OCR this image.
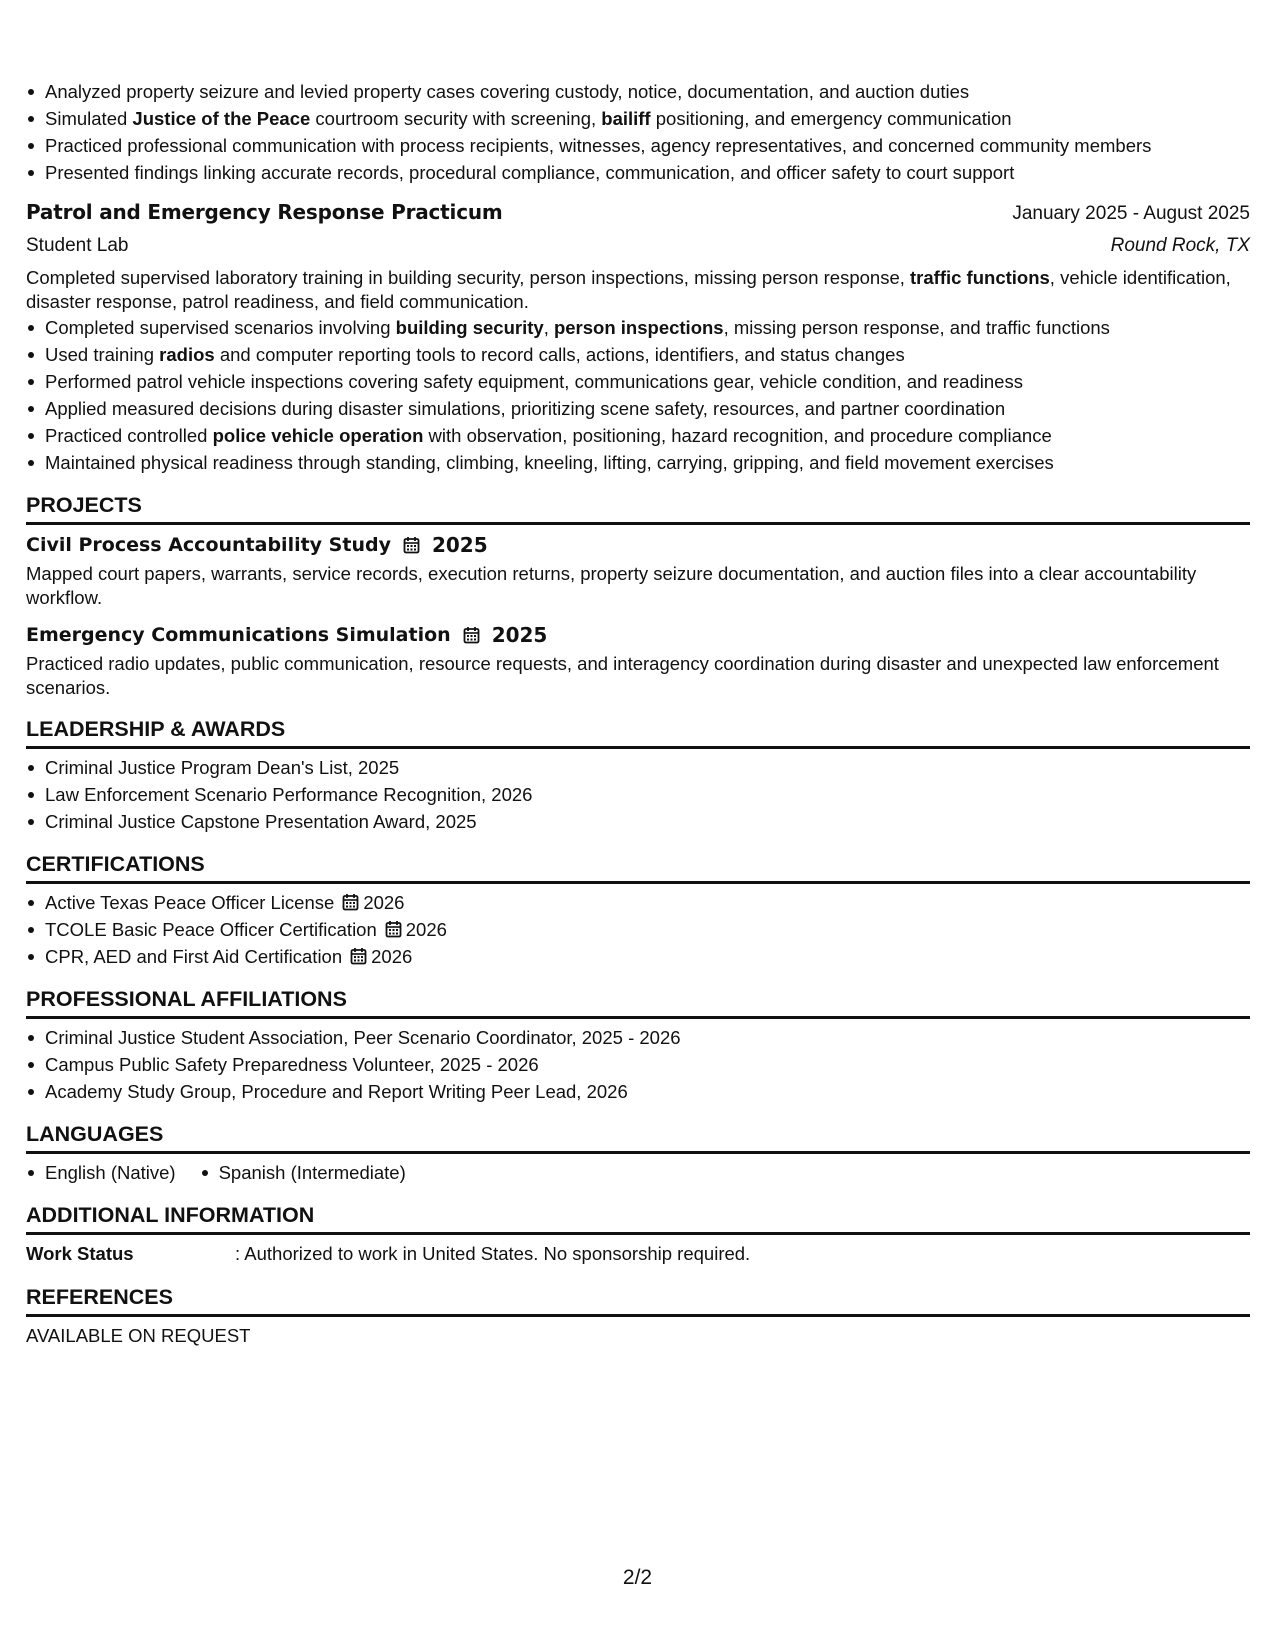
Analyzed property seizure and levied property cases covering custody, notice, documentation, and auction duties
Simulated Justice of the Peace courtroom security with screening, bailiff positioning, and emergency communication
Practiced professional communication with process recipients, witnesses, agency representatives, and concerned community members
Presented findings linking accurate records, procedural compliance, communication, and officer safety to court support
Patrol and Emergency Response Practicum	January 2025 - August 2025
Student Lab	Round Rock, TX
Completed supervised laboratory training in building security, person inspections, missing person response, traffic functions, vehicle identification, disaster response, patrol readiness, and field communication.
Completed supervised scenarios involving building security, person inspections, missing person response, and traffic functions
Used training radios and computer reporting tools to record calls, actions, identifiers, and status changes
Performed patrol vehicle inspections covering safety equipment, communications gear, vehicle condition, and readiness
Applied measured decisions during disaster simulations, prioritizing scene safety, resources, and partner coordination
Practiced controlled police vehicle operation with observation, positioning, hazard recognition, and procedure compliance
Maintained physical readiness through standing, climbing, kneeling, lifting, carrying, gripping, and field movement exercises
PROJECTS
Civil Process Accountability Study 2025
Mapped court papers, warrants, service records, execution returns, property seizure documentation, and auction files into a clear accountability workflow.
Emergency Communications Simulation 2025
Practiced radio updates, public communication, resource requests, and interagency coordination during disaster and unexpected law enforcement scenarios.
LEADERSHIP & AWARDS
Criminal Justice Program Dean's List, 2025
Law Enforcement Scenario Performance Recognition, 2026
Criminal Justice Capstone Presentation Award, 2025
CERTIFICATIONS
Active Texas Peace Officer License 2026
TCOLE Basic Peace Officer Certification 2026
CPR, AED and First Aid Certification 2026
PROFESSIONAL AFFILIATIONS
Criminal Justice Student Association, Peer Scenario Coordinator, 2025 - 2026
Campus Public Safety Preparedness Volunteer, 2025 - 2026
Academy Study Group, Procedure and Report Writing Peer Lead, 2026
LANGUAGES
English (Native)	Spanish (Intermediate)
ADDITIONAL INFORMATION
Work Status	: Authorized to work in United States. No sponsorship required.
REFERENCES
AVAILABLE ON REQUEST
2/2
